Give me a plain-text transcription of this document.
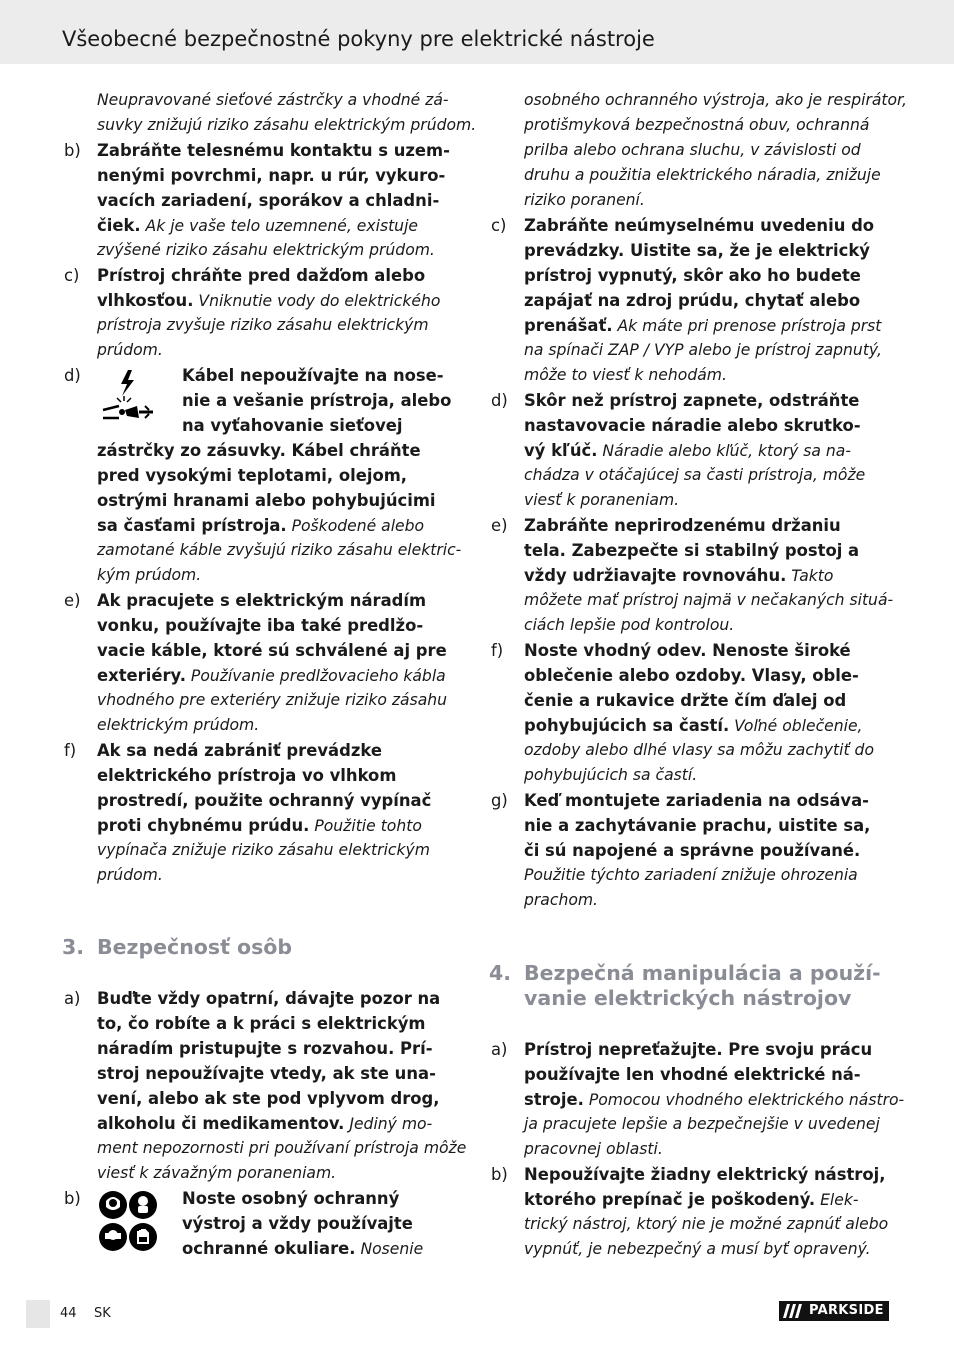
Všeobecné bezpečnostné pokyny pre elektrické nástroje
Neupravované sieťové zástrčky a vhodné zá-
suvky znižujú riziko zásahu elektrickým prúdom.
b) Zabráňte telesnému kontaktu s uzem-
nenými povrchmi, napr. u rúr, vykuro-
vacích zariadení, sporákov a chladni-
čiek. Ak je vaše telo uzemnené, existuje
zvýšené riziko zásahu elektrickým prúdom.
c)	Prístroj chráňte pred dažďom alebo
vlhkosťou. Vniknutie vody do elektrického
prístroja zvyšuje riziko zásahu elektrickým
prúdom.
d)	Kábel nepoužívajte na nose-
nie a vešanie prístroja, alebo
na vyťahovanie sieťovej
zástrčky zo zásuvky. Kábel chráňte
pred vysokými teplotami, olejom,
ostrými hranami alebo pohybujúcimi
sa časťami prístroja. Poškodené alebo
zamotané káble zvyšujú riziko zásahu elektric-
kým prúdom.
e)	Ak pracujete s elektrickým náradím
vonku, používajte iba také predlžo-
vacie káble, ktoré sú schválené aj pre
exteriéry. Používanie predlžovacieho kábla
vhodného pre exteriéry znižuje riziko zásahu
elektrickým prúdom.
f)	Ak sa nedá zabrániť prevádzke
elektrického prístroja vo vlhkom
prostredí, použite ochranný vypínač
proti chybnému prúdu. Použitie tohto
vypínača znižuje riziko zásahu elektrickým
prúdom.
3. Bezpečnosť osôb
a)	Buďte vždy opatrní, dávajte pozor na
to, čo robíte a k práci s elektrickým
náradím pristupujte s rozvahou. Prí-
stroj nepoužívajte vtedy, ak ste una-
vení, alebo ak ste pod vplyvom drog,
alkoholu či medikamentov. Jediný mo-
ment nepozornosti pri používaní prístroja môže
viesť k závažným poraneniam.
b)	Noste osobný ochranný
výstroj a vždy používajte
ochranné okuliare. Nosenie
osobného ochranného výstroja, ako je respirátor,
protišmyková bezpečnostná obuv, ochranná
prilba alebo ochrana sluchu, v závislosti od
druhu a použitia elektrického náradia, znižuje
riziko poranení.
c)	Zabráňte neúmyselnému uvedeniu do
prevádzky. Uistite sa, že je elektrický
prístroj vypnutý, skôr ako ho budete
zapájať na zdroj prúdu, chytať alebo
prenášať. Ak máte pri prenose prístroja prst
na spínači ZAP / VYP alebo je prístroj zapnutý,
môže to viesť k nehodám.
d) Skôr než prístroj zapnete, odstráňte
nastavovacie náradie alebo skrutko-
vý kľúč. Náradie alebo kľúč, ktorý sa na-
chádza v otáčajúcej sa časti prístroja, môže
viesť k poraneniam.
e)	Zabráňte neprirodzenému držaniu
tela. Zabezpečte si stabilný postoj a
vždy udržiavajte rovnováhu. Takto
môžete mať prístroj najmä v nečakaných situá-
ciách lepšie pod kontrolou.
f)	Noste vhodný odev. Nenoste široké
oblečenie alebo ozdoby. Vlasy, oble-
čenie a rukavice držte čím ďalej od
pohybujúcich sa častí. Voľné oblečenie,
ozdoby alebo dlhé vlasy sa môžu zachytiť do
pohybujúcich sa častí.
g) Keď montujete zariadenia na odsáva-
nie a zachytávanie prachu, uistite sa,
či sú napojené a správne používané.
Použitie týchto zariadení znižuje ohrozenia
prachom.
4. Bezpečná manipulácia a použí-
vanie elektrických nástrojov
a)	Prístroj nepreťažujte. Pre svoju prácu
používajte len vhodné elektrické ná-
stroje. Pomocou vhodného elektrického nástro-
ja pracujete lepšie a bezpečnejšie v uvedenej
pracovnej oblasti.
b) Nepoužívajte žiadny elektrický nástroj,
ktorého prepínač je poškodený. Elek-
trický nástroj, ktorý nie je možné zapnúť alebo
vypnúť, je nebezpečný a musí byť opravený.
44 SK	PARKSIDE
